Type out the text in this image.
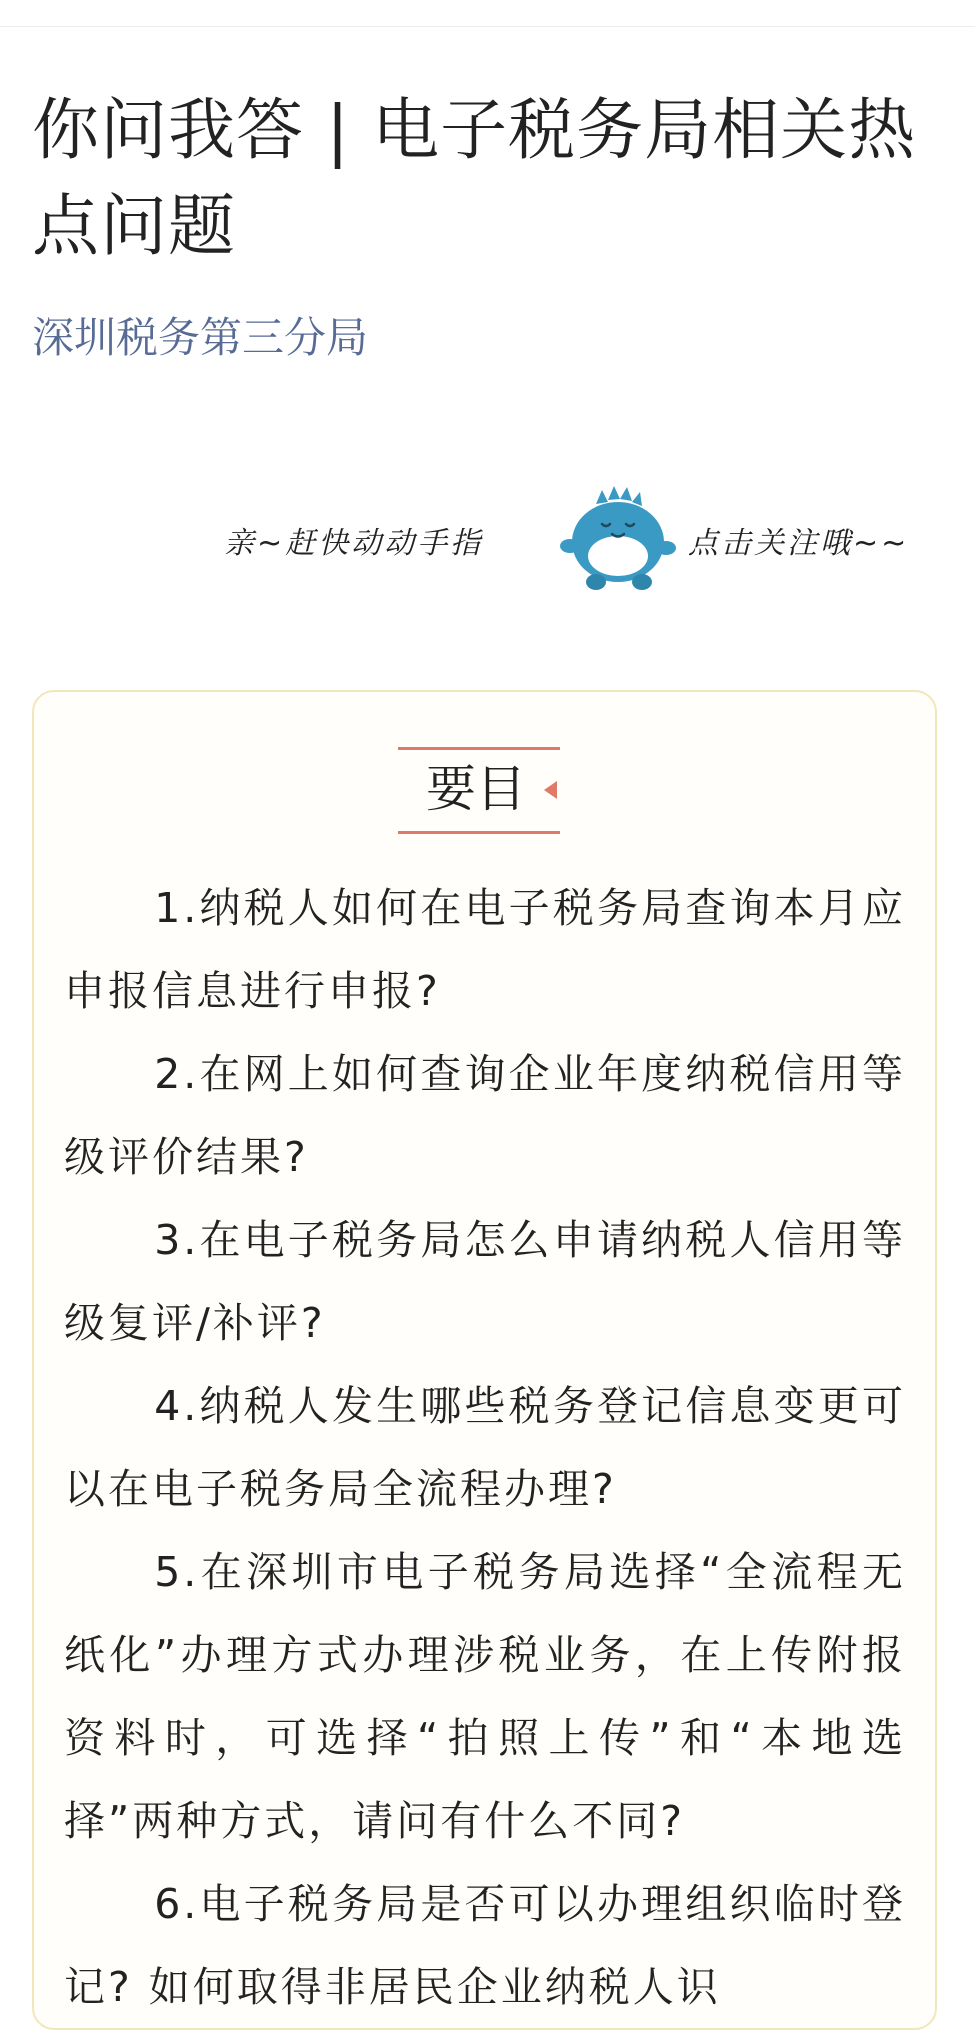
你问我答 | 电子税务局相关热点问题
深圳税务第三分局
亲~赶快动动手指	点击关注哦~~
要目

1.纳税人如何在电子税务局查询本月应申报信息进行申报?

2.在网上如何查询企业年度纳税信用等级评价结果?

3.在电子税务局怎么申请纳税人信用等级复评/补评?

4.纳税人发生哪些税务登记信息变更可以在电子税务局全流程办理?

5.在深圳市电子税务局选择“全流程无纸化”办理方式办理涉税业务，在上传附报资料时，可选择“拍照上传”和“本地选择”两种方式，请问有什么不同?

6.电子税务局是否可以办理组织临时登记? 如何取得非居民企业纳税人识
